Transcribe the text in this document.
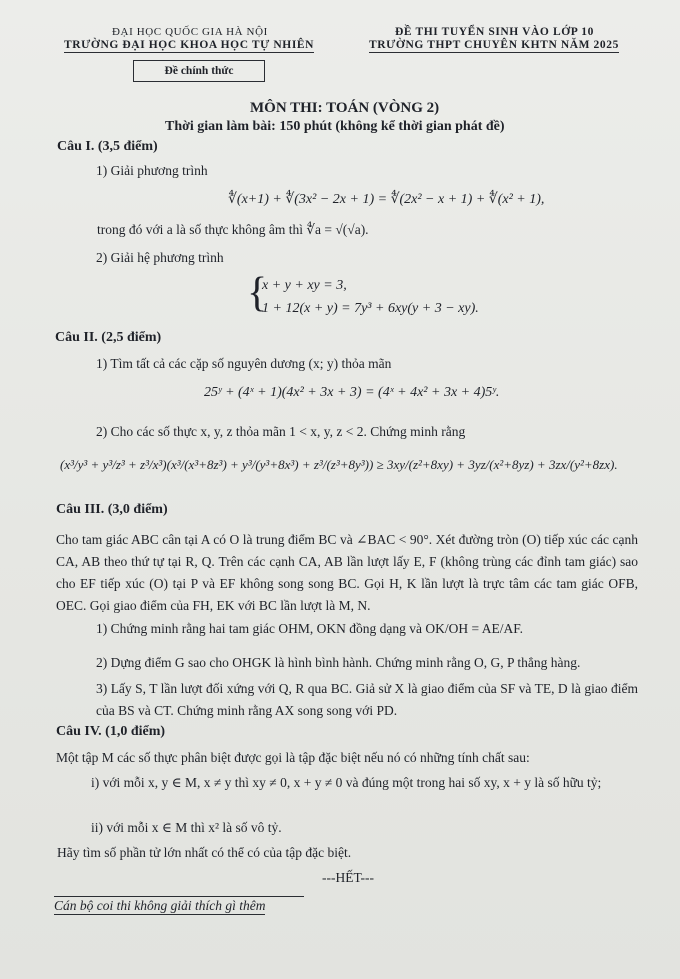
ĐẠI HỌC QUỐC GIA HÀ NỘI
TRƯỜNG ĐẠI HỌC KHOA HỌC TỰ NHIÊN
ĐỀ THI TUYỂN SINH VÀO LỚP 10
TRƯỜNG THPT CHUYÊN KHTN NĂM 2025
Đề chính thức
MÔN THI: TOÁN (VÒNG 2)
Thời gian làm bài: 150 phút (không kể thời gian phát đề)
Câu I. (3,5 điểm)
1) Giải phương trình
∜(x+1) + ∜(3x² − 2x + 1) = ∜(2x² − x + 1) + ∜(x² + 1),
trong đó với a là số thực không âm thì ∜a = √(√a).
2) Giải hệ phương trình
{
x + y + xy = 3,
1 + 12(x + y) = 7y³ + 6xy(y + 3 − xy).
Câu II. (2,5 điểm)
1) Tìm tất cả các cặp số nguyên dương (x; y) thỏa mãn
25ʸ + (4ˣ + 1)(4x² + 3x + 3) = (4ˣ + 4x² + 3x + 4)5ʸ.
2) Cho các số thực x, y, z thỏa mãn 1 < x, y, z < 2. Chứng minh rằng
(x³/y³ + y³/z³ + z³/x³)(x³/(x³+8z³) + y³/(y³+8x³) + z³/(z³+8y³)) ≥ 3xy/(z²+8xy) + 3yz/(x²+8yz) + 3zx/(y²+8zx).
Câu III. (3,0 điểm)
Cho tam giác ABC cân tại A có O là trung điểm BC và ∠BAC < 90°. Xét đường tròn (O) tiếp xúc các cạnh CA, AB theo thứ tự tại R, Q. Trên các cạnh CA, AB lần lượt lấy E, F (không trùng các đỉnh tam giác) sao cho EF tiếp xúc (O) tại P và EF không song song BC. Gọi H, K lần lượt là trực tâm các tam giác OFB, OEC. Gọi giao điểm của FH, EK với BC lần lượt là M, N.
1) Chứng minh rằng hai tam giác OHM, OKN đồng dạng và OK/OH = AE/AF.
2) Dựng điểm G sao cho OHGK là hình bình hành. Chứng minh rằng O, G, P thẳng hàng.
3) Lấy S, T lần lượt đối xứng với Q, R qua BC. Giả sử X là giao điểm của SF và TE, D là giao điểm của BS và CT. Chứng minh rằng AX song song với PD.
Câu IV. (1,0 điểm)
Một tập M các số thực phân biệt được gọi là tập đặc biệt nếu nó có những tính chất sau:
i) với mỗi x, y ∈ M, x ≠ y thì xy ≠ 0, x + y ≠ 0 và đúng một trong hai số xy, x + y là số hữu tỷ;
ii) với mỗi x ∈ M thì x² là số vô tỷ.
Hãy tìm số phần tử lớn nhất có thể có của tập đặc biệt.
---HẾT---
Cán bộ coi thi không giải thích gì thêm
